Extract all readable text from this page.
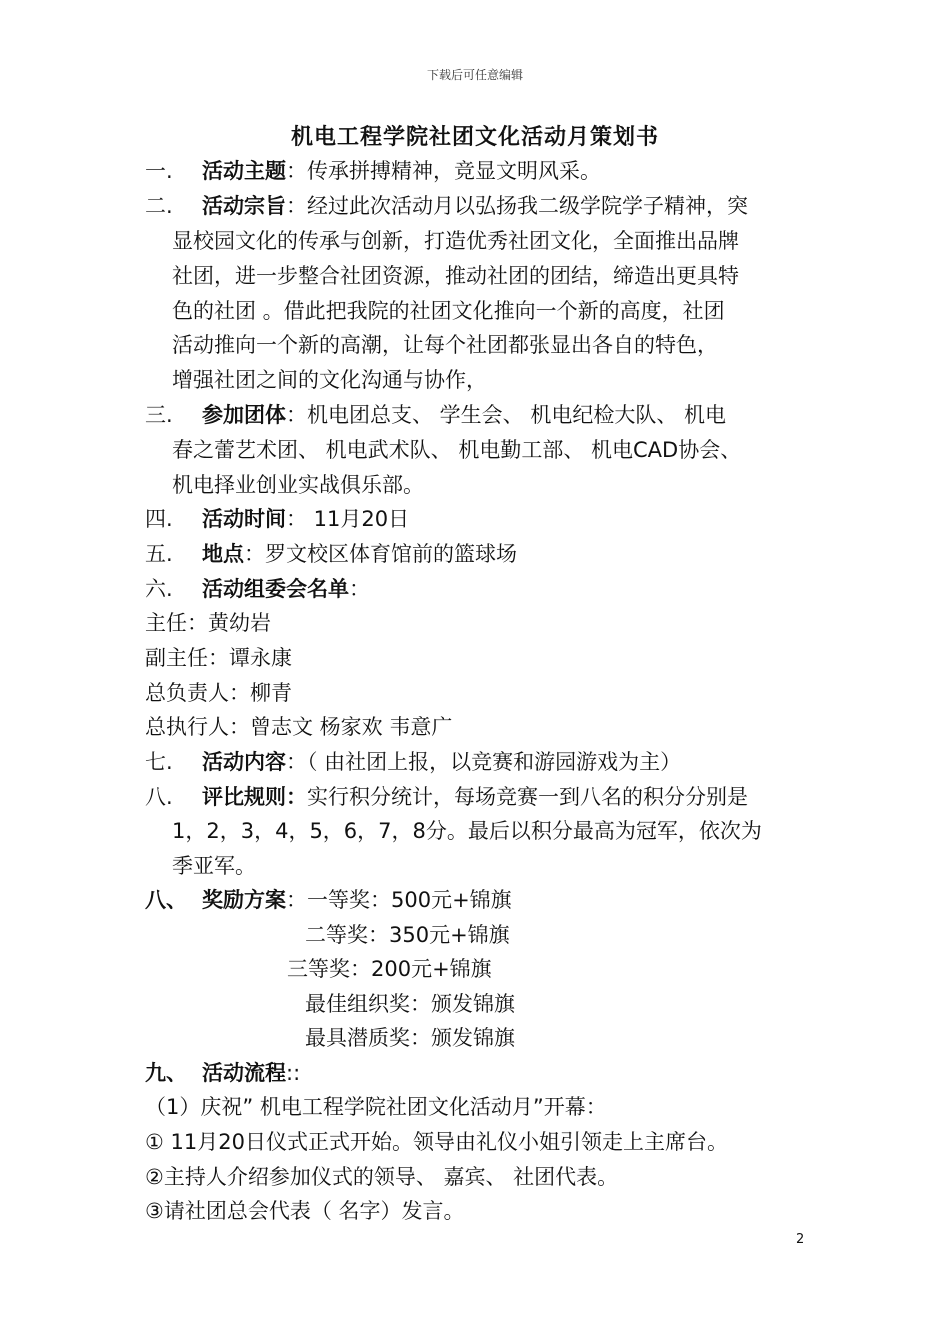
下载后可任意编辑
机电工程学院社团文化活动月策划书
一. 活动主题：传承拼搏精神，竞显文明风采。
二. 活动宗旨：经过此次活动月以弘扬我二级学院学子精神，突
显校园文化的传承与创新，打造优秀社团文化，全面推出品牌
社团，进一步整合社团资源，推动社团的团结，缔造出更具特
色的社团 。借此把我院的社团文化推向一个新的高度，社团
活动推向一个新的高潮，让每个社团都张显出各自的特色，
增强社团之间的文化沟通与协作，
三. 参加团体：机电团总支、 学生会、 机电纪检大队、 机电
春之蕾艺术团、 机电武术队、 机电勤工部、 机电CAD协会、
机电择业创业实战俱乐部。
四. 活动时间： 11月20日
五. 地点：罗文校区体育馆前的篮球场
六. 活动组委会名单：
主任：黄幼岩
副主任：谭永康
总负责人：柳青
总执行人：曾志文 杨家欢 韦意广
七. 活动内容：（ 由社团上报，以竞赛和游园游戏为主）
八. 评比规则：实行积分统计，每场竞赛一到八名的积分分别是
1，2，3，4，5，6，7，8分。最后以积分最高为冠军，依次为
季亚军。
八、 奖励方案：一等奖：500元+锦旗
二等奖：350元+锦旗
三等奖：200元+锦旗
最佳组织奖：颁发锦旗
最具潜质奖：颁发锦旗
九、 活动流程::
（1）庆祝” 机电工程学院社团文化活动月”开幕：
① 11月20日仪式正式开始。领导由礼仪小姐引领走上主席台。
②主持人介绍参加仪式的领导、 嘉宾、 社团代表。
③请社团总会代表（ 名字）发言。
2
